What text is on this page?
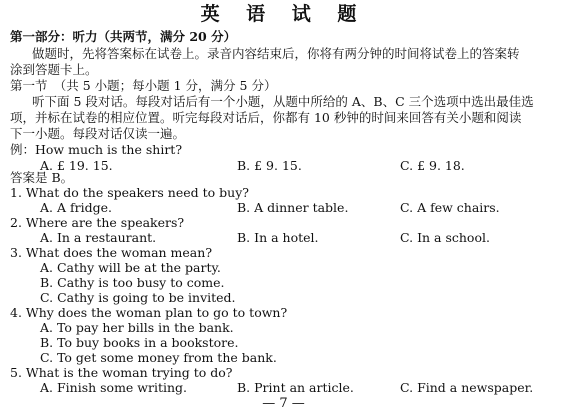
英 语 试 题
第一部分：听力（共两节，满分 20 分）
做题时，先将答案标在试卷上。录音内容结束后，你将有两分钟的时间将试卷上的答案转
涂到答题卡上。
第一节　（共 5 小题；每小题 1 分，满分 5 分）
听下面 5 段对话。每段对话后有一个小题，从题中所给的 A、B、C 三个选项中选出最佳选
项，并标在试卷的相应位置。听完每段对话后，你都有 10 秒钟的时间来回答有关小题和阅读
下一小题。每段对话仅读一遍。
例：How much is the shirt?
A. £ 19. 15.	B. £ 9. 15.	C. £ 9. 18.
答案是 B。
1. What do the speakers need to buy?
A. A fridge.	B. A dinner table.	C. A few chairs.
2. Where are the speakers?
A. In a restaurant.	B. In a hotel.	C. In a school.
3. What does the woman mean?
A. Cathy will be at the party.
B. Cathy is too busy to come.
C. Cathy is going to be invited.
4. Why does the woman plan to go to town?
A. To pay her bills in the bank.
B. To buy books in a bookstore.
C. To get some money from the bank.
— 7 —
5. What is the woman trying to do?
A. Finish some writing.	B. Print an article.	C. Find a newspaper.
